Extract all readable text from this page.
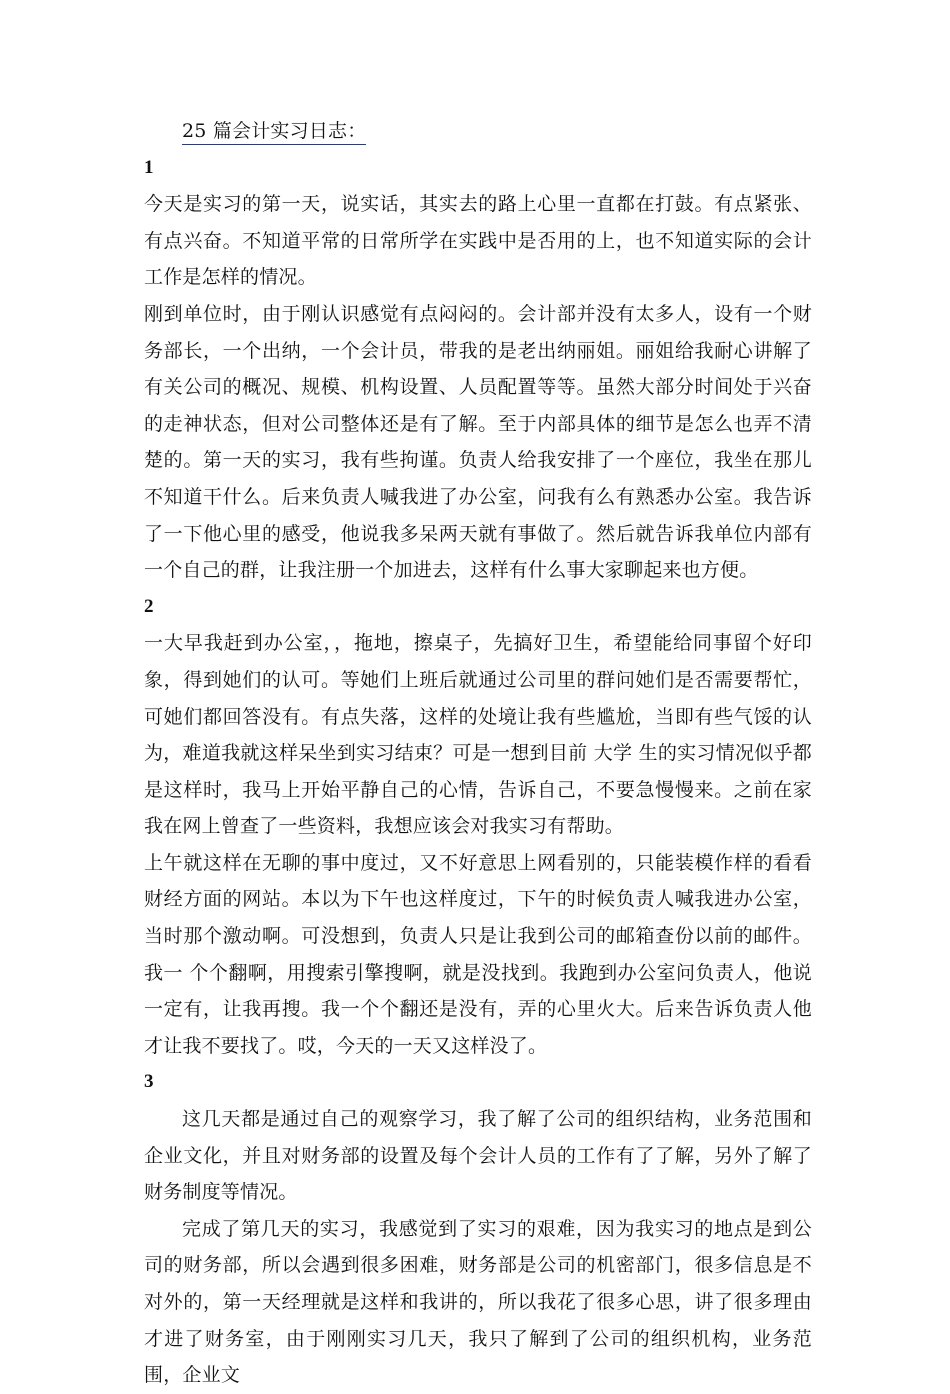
25 篇会计实习日志：
1

今天是实习的第一天，说实话，其实去的路上心里一直都在打鼓。有点紧张、有点兴奋。不知道平常的日常所学在实践中是否用的上，也不知道实际的会计工作是怎样的情况。

刚到单位时，由于刚认识感觉有点闷闷的。会计部并没有太多人，设有一个财务部长，一个出纳，一个会计员，带我的是老出纳丽姐。丽姐给我耐心讲解了有关公司的概况、规模、机构设置、人员配置等等。虽然大部分时间处于兴奋的走神状态，但对公司整体还是有了解。至于内部具体的细节是怎么也弄不清楚的。第一天的实习，我有些拘谨。负责人给我安排了一个座位，我坐在那儿不知道干什么。后来负责人喊我进了办公室，问我有么有熟悉办公室。我告诉了一下他心里的感受，他说我多呆两天就有事做了。然后就告诉我单位内部有一个自己的群，让我注册一个加进去，这样有什么事大家聊起来也方便。

2

一大早我赶到办公室，，拖地，擦桌子，先搞好卫生，希望能给同事留个好印象，得到她们的认可。等她们上班后就通过公司里的群问她们是否需要帮忙，可她们都回答没有。有点失落，这样的处境让我有些尴尬，当即有些气馁的认为，难道我就这样呆坐到实习结束？可是一想到目前 大学 生的实习情况似乎都是这样时，我马上开始平静自己的心情，告诉自己，不要急慢慢来。之前在家我在网上曾查了一些资料，我想应该会对我实习有帮助。

上午就这样在无聊的事中度过，又不好意思上网看别的，只能装模作样的看看财经方面的网站。本以为下午也这样度过，下午的时候负责人喊我进办公室，当时那个激动啊。可没想到，负责人只是让我到公司的邮箱查份以前的邮件。我一 个个翻啊，用搜索引擎搜啊，就是没找到。我跑到办公室问负责人，他说一定有，让我再搜。我一个个翻还是没有，弄的心里火大。后来告诉负责人他才让我不要找了。哎，今天的一天又这样没了。

3

这几天都是通过自己的观察学习，我了解了公司的组织结构，业务范围和企业文化，并且对财务部的设置及每个会计人员的工作有了了解，另外了解了财务制度等情况。

完成了第几天的实习，我感觉到了实习的艰难，因为我实习的地点是到公司的财务部，所以会遇到很多困难，财务部是公司的机密部门，很多信息是不对外的，第一天经理就是这样和我讲的，所以我花了很多心思，讲了很多理由才进了财务室，由于刚刚实习几天，我只了解到了公司的组织机构，业务范围，企业文
